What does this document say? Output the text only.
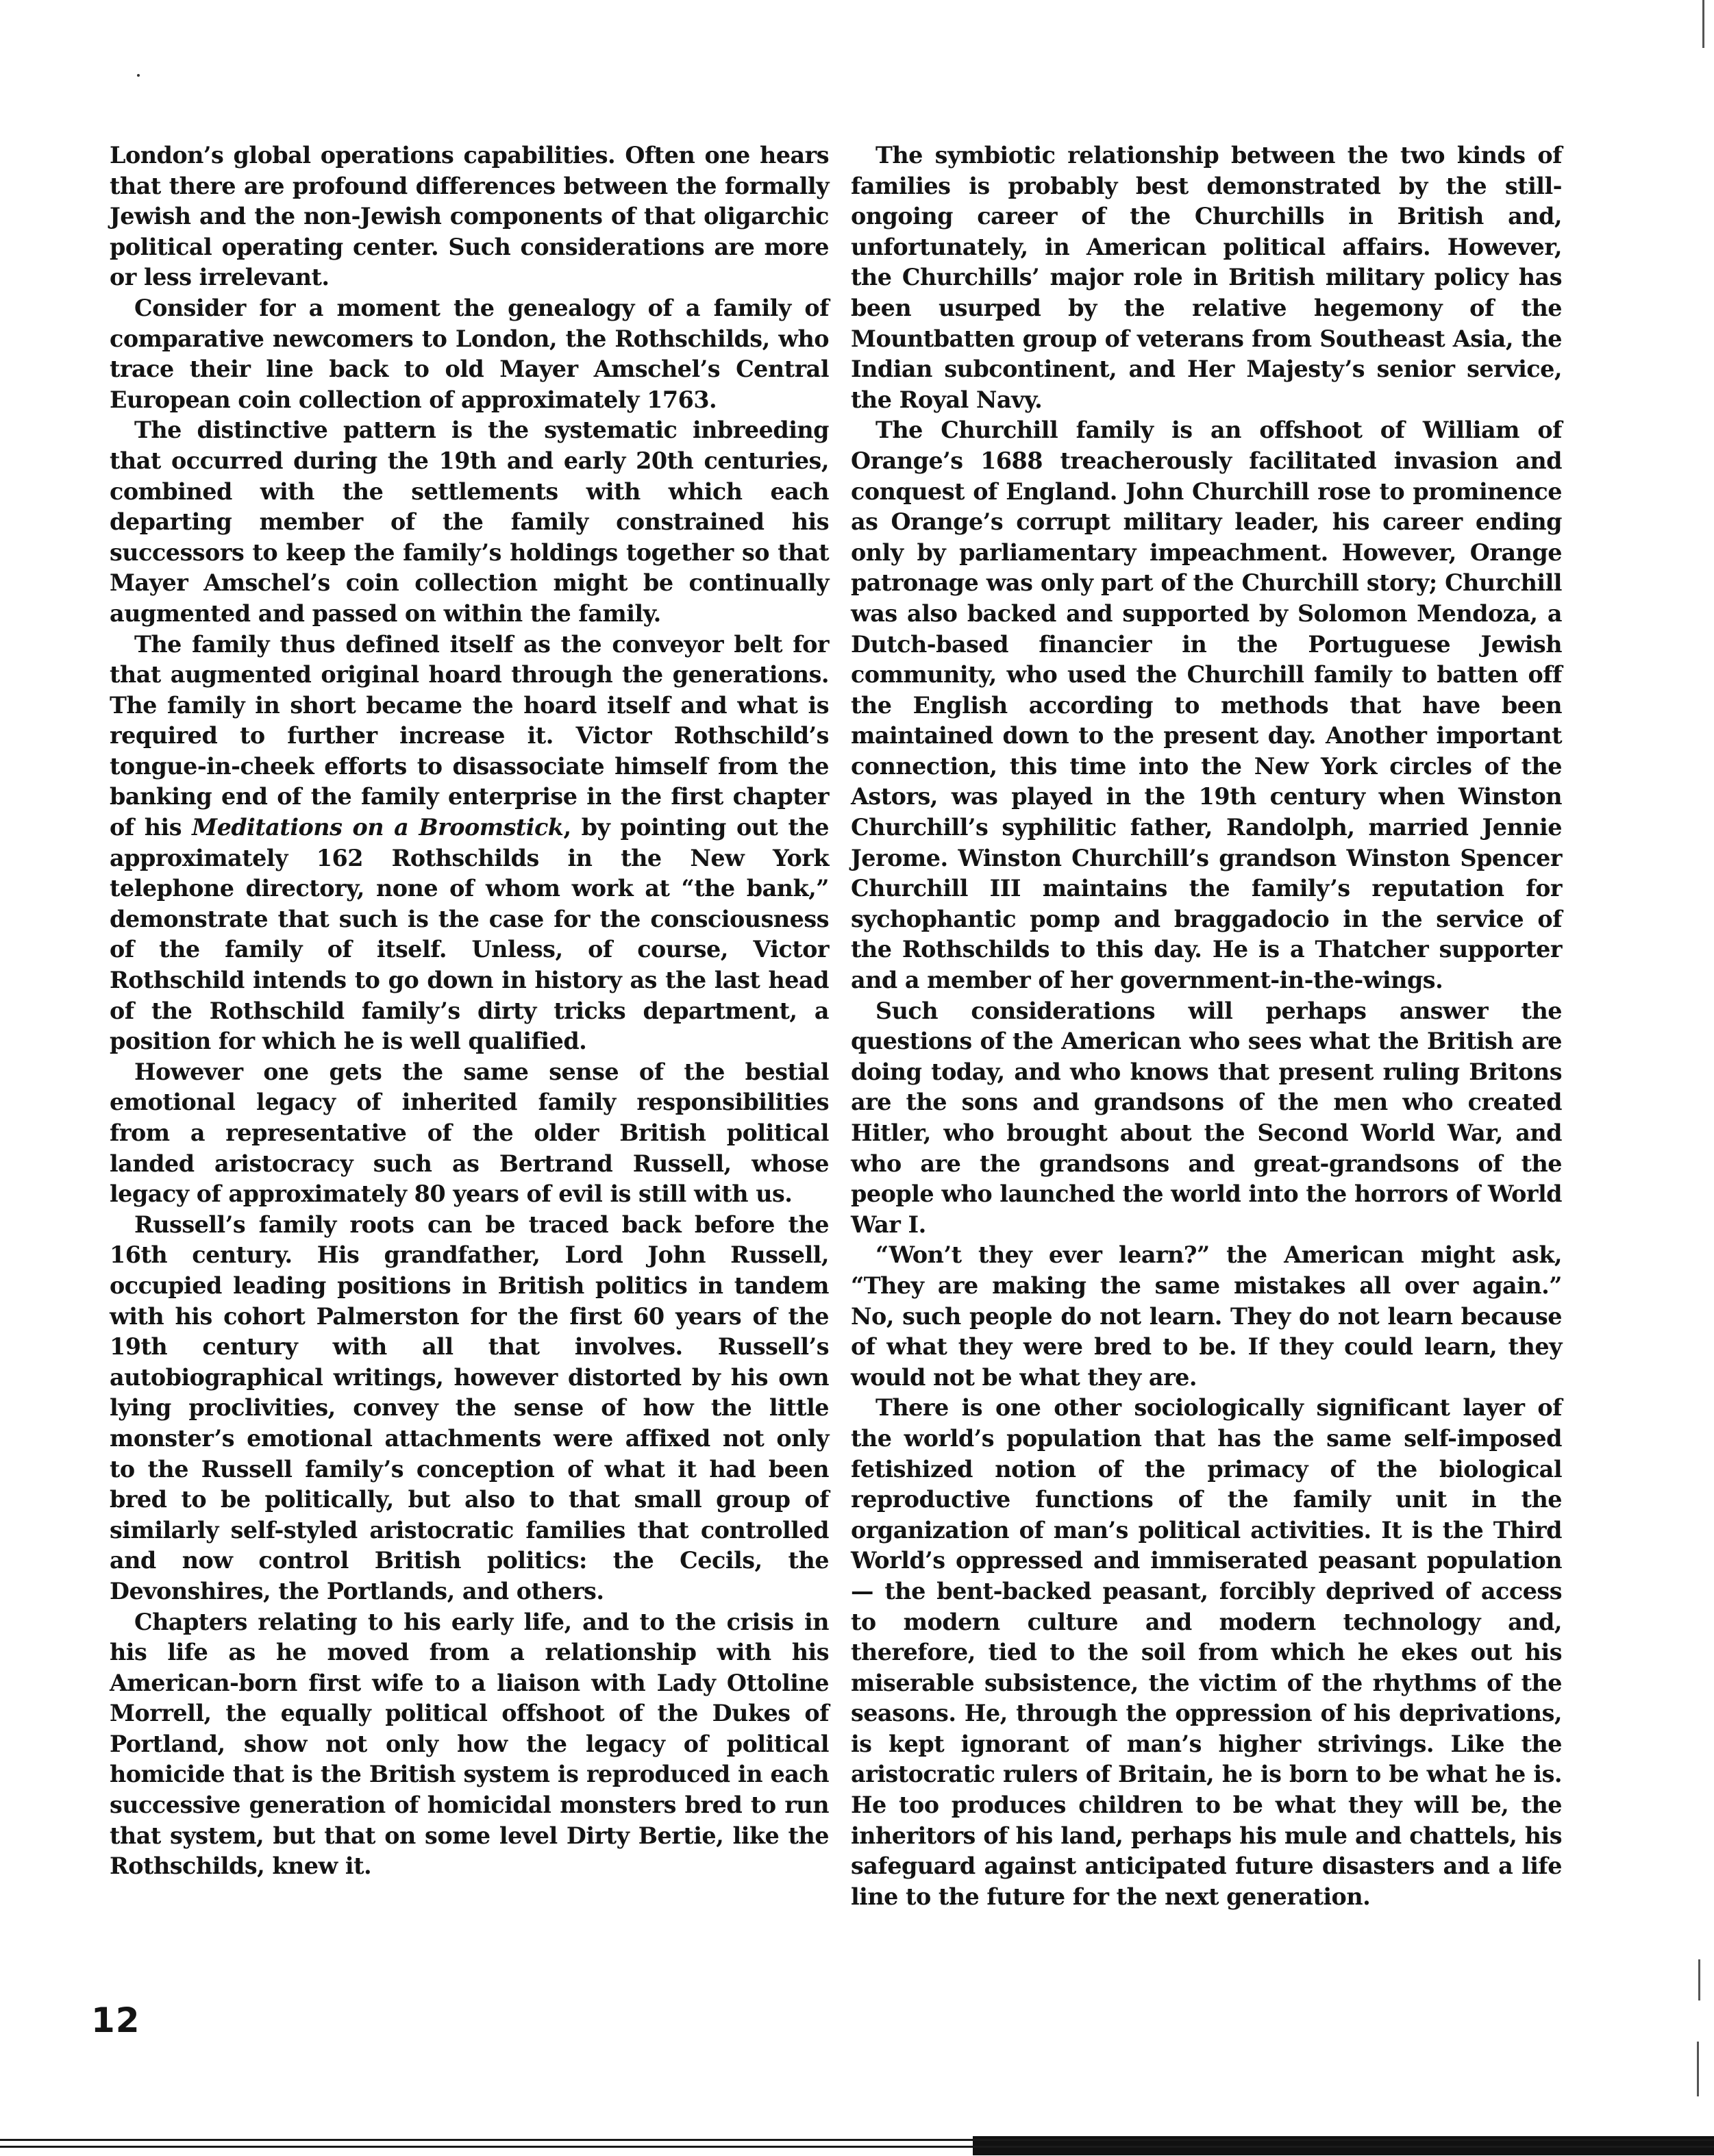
London’s global operations capabilities. Often one hears that there are profound differences between the formally Jewish and the non-Jewish components of that oligarchic political operating center. Such considerations are more or less irrelevant.

Consider for a moment the genealogy of a family of comparative newcomers to London, the Rothschilds, who trace their line back to old Mayer Amschel’s Central European coin collection of approximately 1763.

The distinctive pattern is the systematic inbreeding that occurred during the 19th and early 20th centuries, combined with the settlements with which each departing member of the family constrained his successors to keep the family’s holdings together so that Mayer Amschel’s coin collection might be continually augmented and passed on within the family.

The family thus defined itself as the conveyor belt for that augmented original hoard through the generations. The family in short became the hoard itself and what is required to further increase it. Victor Rothschild’s tongue-in-cheek efforts to disassociate himself from the banking end of the family enterprise in the first chapter of his Meditations on a Broomstick, by pointing out the approximately 162 Rothschilds in the New York telephone directory, none of whom work at “the bank,” demonstrate that such is the case for the consciousness of the family of itself. Unless, of course, Victor Rothschild intends to go down in history as the last head of the Rothschild family’s dirty tricks department, a position for which he is well qualified.

However one gets the same sense of the bestial emotional legacy of inherited family responsibilities from a representative of the older British political landed aristocracy such as Bertrand Russell, whose legacy of approximately 80 years of evil is still with us.

Russell’s family roots can be traced back before the 16th century. His grandfather, Lord John Russell, occupied leading positions in British politics in tandem with his cohort Palmerston for the first 60 years of the 19th century with all that involves. Russell’s autobiographical writings, however distorted by his own lying proclivities, convey the sense of how the little monster’s emotional attachments were affixed not only to the Russell family’s conception of what it had been bred to be politically, but also to that small group of similarly self-styled aristocratic families that controlled and now control British politics: the Cecils, the Devonshires, the Portlands, and others.

Chapters relating to his early life, and to the crisis in his life as he moved from a relationship with his American-born first wife to a liaison with Lady Ottoline Morrell, the equally political offshoot of the Dukes of Portland, show not only how the legacy of political homicide that is the British system is reproduced in each successive generation of homicidal monsters bred to run that system, but that on some level Dirty Bertie, like the Rothschilds, knew it.

The symbiotic relationship between the two kinds of families is probably best demonstrated by the still-ongoing career of the Churchills in British and, unfortunately, in American political affairs. However, the Churchills’ major role in British military policy has been usurped by the relative hegemony of the Mountbatten group of veterans from Southeast Asia, the Indian subcontinent, and Her Majesty’s senior service, the Royal Navy.

The Churchill family is an offshoot of William of Orange’s 1688 treacherously facilitated invasion and conquest of England. John Churchill rose to prominence as Orange’s corrupt military leader, his career ending only by parliamentary impeachment. However, Orange patronage was only part of the Churchill story; Churchill was also backed and supported by Solomon Mendoza, a Dutch-based financier in the Portuguese Jewish community, who used the Churchill family to batten off the English according to methods that have been maintained down to the present day. Another important connection, this time into the New York circles of the Astors, was played in the 19th century when Winston Churchill’s syphilitic father, Randolph, married Jennie Jerome. Winston Churchill’s grandson Winston Spencer Churchill III maintains the family’s reputation for sychophantic pomp and braggadocio in the service of the Rothschilds to this day. He is a Thatcher supporter and a member of her government-in-the-wings.

Such considerations will perhaps answer the questions of the American who sees what the British are doing today, and who knows that present ruling Britons are the sons and grandsons of the men who created Hitler, who brought about the Second World War, and who are the grandsons and great-grandsons of the people who launched the world into the horrors of World War I.

“Won’t they ever learn?” the American might ask, “They are making the same mistakes all over again.” No, such people do not learn. They do not learn because of what they were bred to be. If they could learn, they would not be what they are.

There is one other sociologically significant layer of the world’s population that has the same self-imposed fetishized notion of the primacy of the biological reproductive functions of the family unit in the organization of man’s political activities. It is the Third World’s oppressed and immiserated peasant population — the bent-backed peasant, forcibly deprived of access to modern culture and modern technology and, therefore, tied to the soil from which he ekes out his miserable subsistence, the victim of the rhythms of the seasons. He, through the oppression of his deprivations, is kept ignorant of man’s higher strivings. Like the aristocratic rulers of Britain, he is born to be what he is. He too produces children to be what they will be, the inheritors of his land, perhaps his mule and chattels, his safeguard against anticipated future disasters and a life line to the future for the next generation.

12
